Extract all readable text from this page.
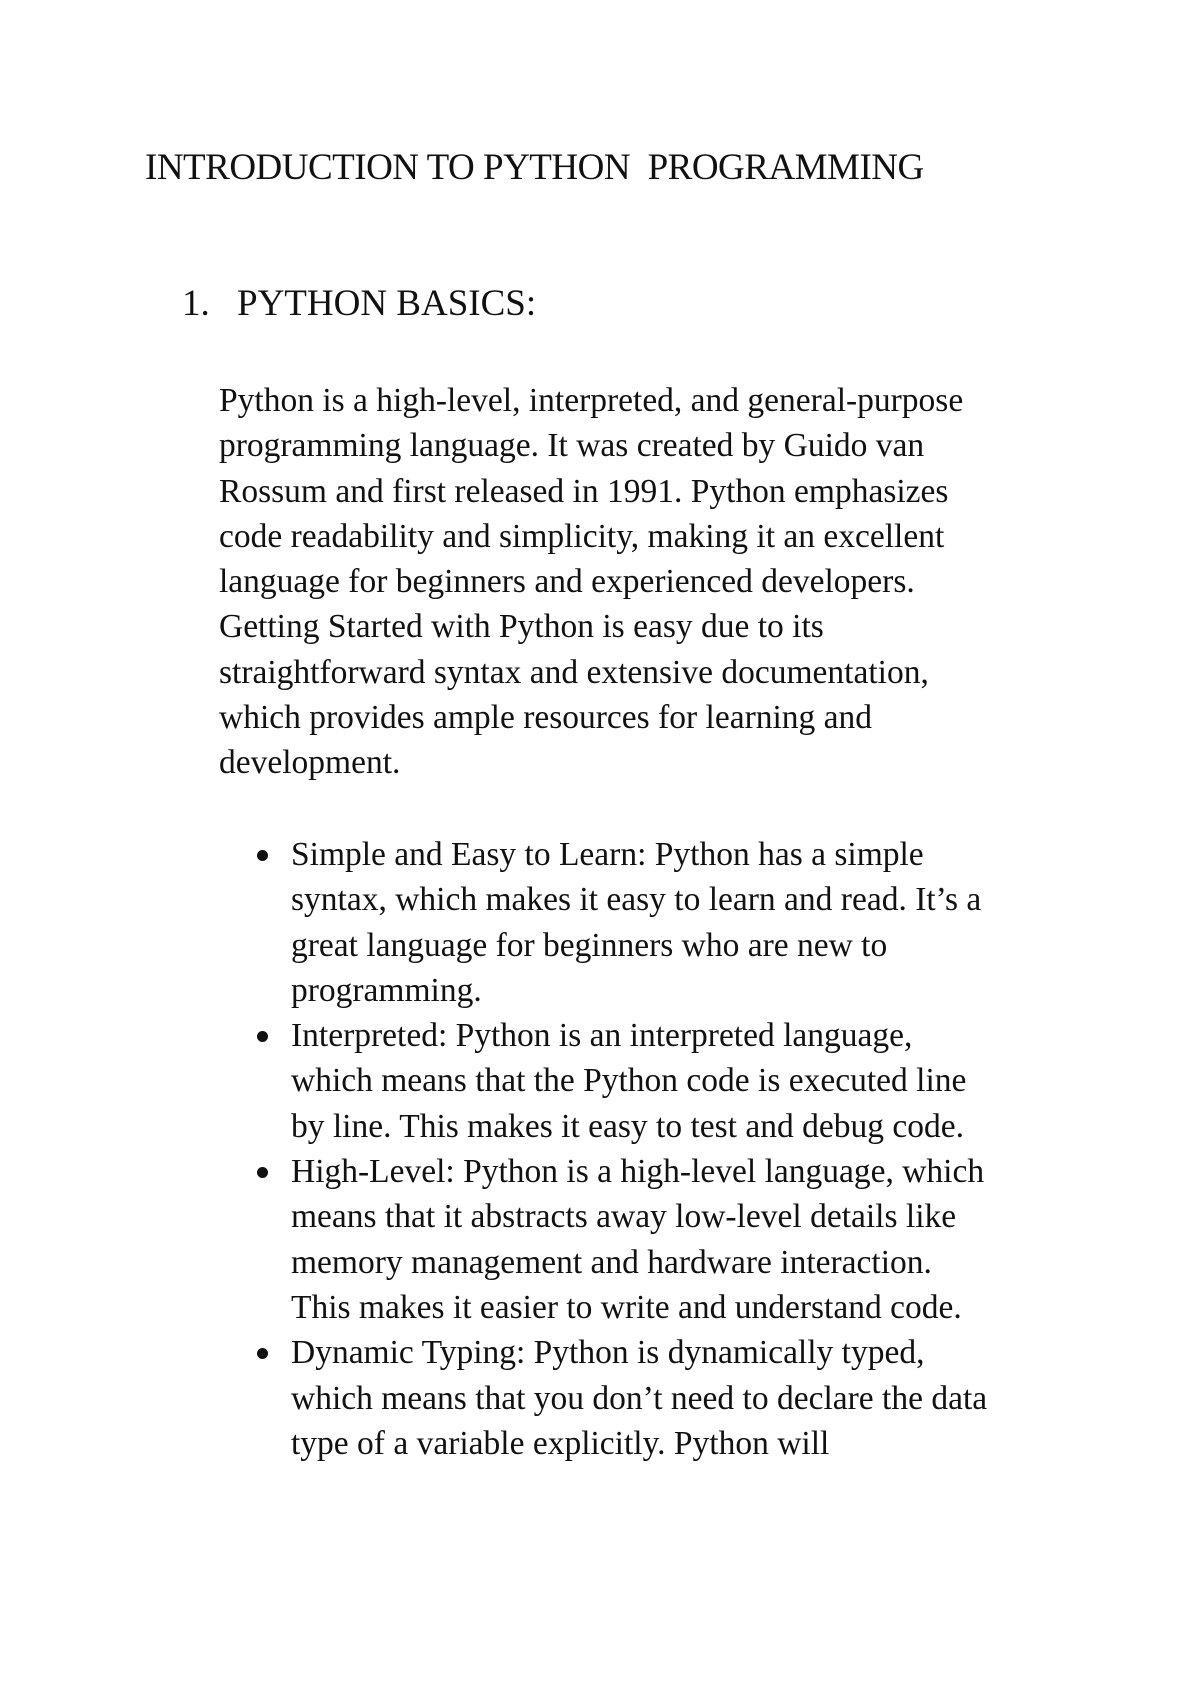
INTRODUCTION TO PYTHON  PROGRAMMING
1. PYTHON BASICS:

Python is a high-level, interpreted, and general-purpose
programming language. It was created by Guido van
Rossum and first released in 1991. Python emphasizes
code readability and simplicity, making it an excellent
language for beginners and experienced developers.
Getting Started with Python is easy due to its
straightforward syntax and extensive documentation,
which provides ample resources for learning and
development.

Simple and Easy to Learn: Python has a simple
syntax, which makes it easy to learn and read. It’s a
great language for beginners who are new to
programming.
Interpreted: Python is an interpreted language,
which means that the Python code is executed line
by line. This makes it easy to test and debug code.
High-Level: Python is a high-level language, which
means that it abstracts away low-level details like
memory management and hardware interaction.
This makes it easier to write and understand code.
Dynamic Typing: Python is dynamically typed,
which means that you don’t need to declare the data
type of a variable explicitly. Python will
